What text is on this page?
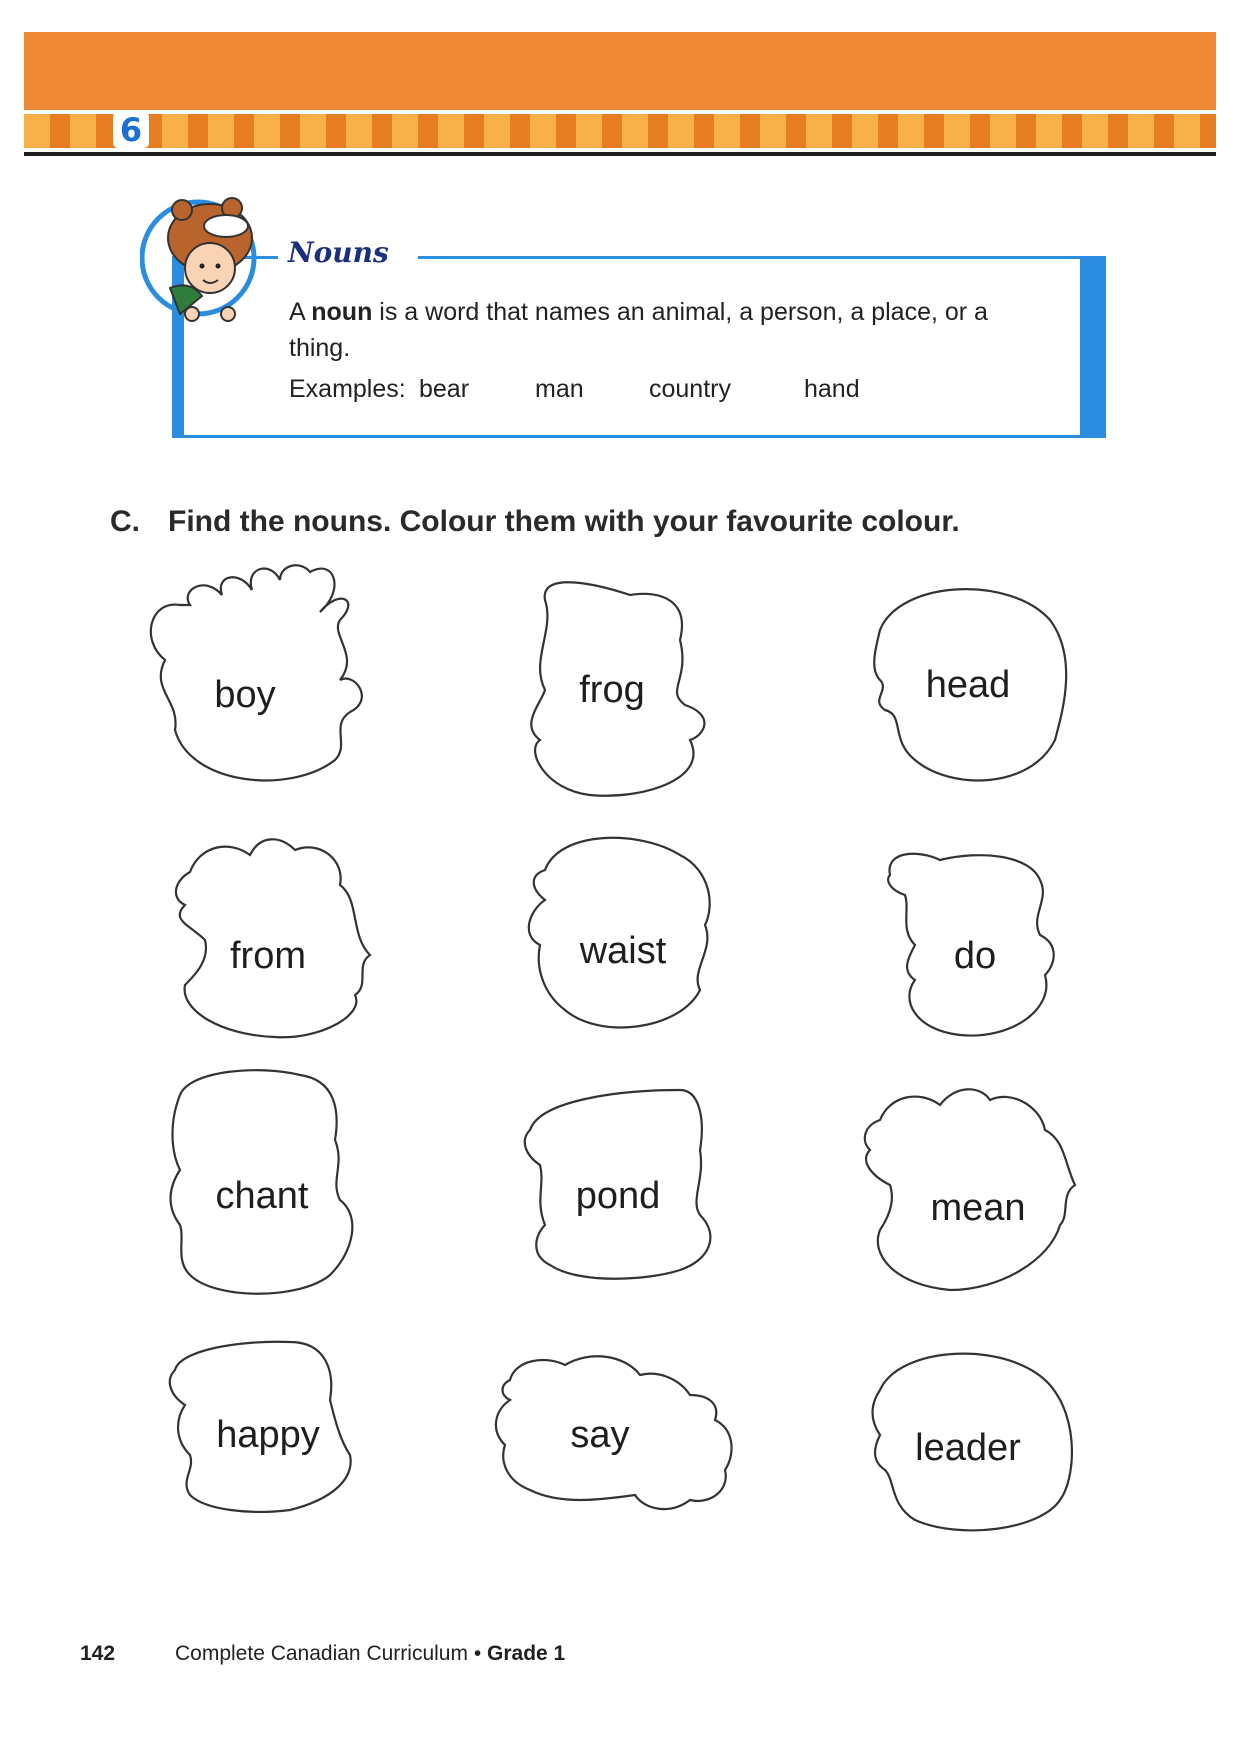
6
Nouns
A noun is a word that names an animal, a person, a place, or a thing.
Examples: bear	man	country	hand
C. Find the nouns. Colour them with your favourite colour.
boy	frog	head
from	waist	do
chant	pond	mean
happy	say	leader
142	Complete Canadian Curriculum • Grade 1
